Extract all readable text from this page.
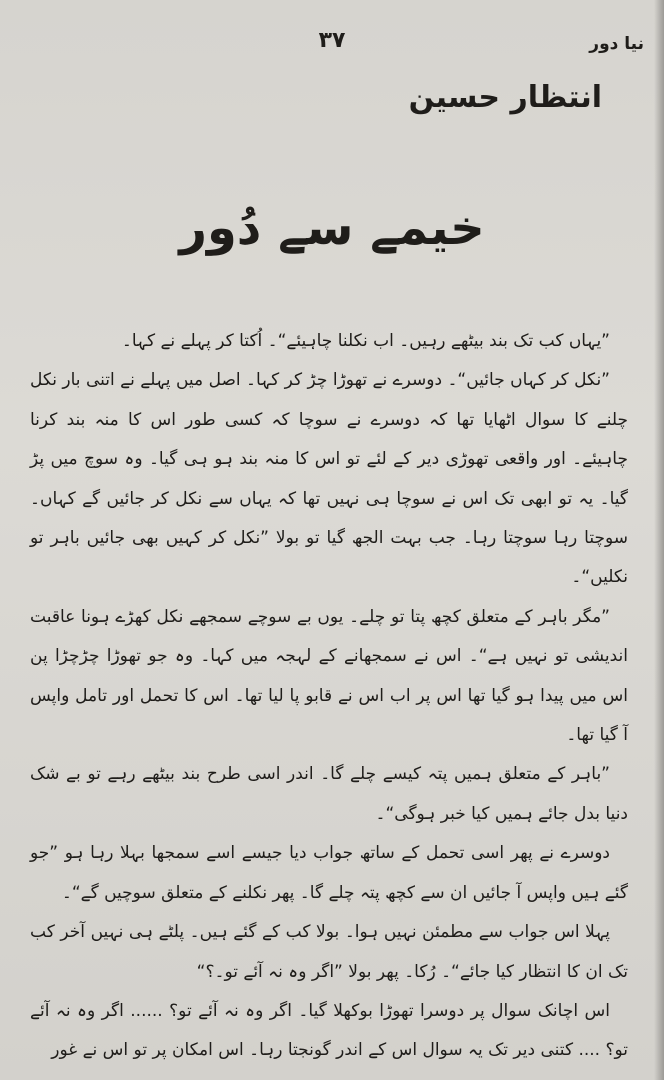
نیا دور
۳۷
انتظار حسین
خیمے سے دُور

”یہاں کب تک بند بیٹھے رہیں۔ اب نکلنا چاہیئے“۔ اُکتا کر پہلے نے کہا۔

”نکل کر کہاں جائیں“۔ دوسرے نے تھوڑا چڑ کر کہا۔ اصل میں پہلے نے اتنی بار نکل چلنے کا سوال اٹھایا تھا کہ دوسرے نے سوچا کہ کسی طور اس کا منہ بند کرنا چاہیئے۔ اور واقعی تھوڑی دیر کے لئے تو اس کا منہ بند ہو ہی گیا۔ وہ سوچ میں پڑ گیا۔ یہ تو ابھی تک اس نے سوچا ہی نہیں تھا کہ یہاں سے نکل کر جائیں گے کہاں۔ سوچتا رہا سوچتا رہا۔ جب بہت الجھ گیا تو بولا ”نکل کر کہیں بھی جائیں باہر تو نکلیں“۔

”مگر باہر کے متعلق کچھ پتا تو چلے۔ یوں بے سوچے سمجھے نکل کھڑے ہونا عاقبت اندیشی تو نہیں ہے“۔ اس نے سمجھانے کے لہجہ میں کہا۔ وہ جو تھوڑا چڑچڑا پن اس میں پیدا ہو گیا تھا اس پر اب اس نے قابو پا لیا تھا۔ اس کا تحمل اور تامل واپس آ گیا تھا۔

”باہر کے متعلق ہمیں پتہ کیسے چلے گا۔ اندر اسی طرح بند بیٹھے رہے تو بے شک دنیا بدل جائے ہمیں کیا خبر ہوگی“۔

دوسرے نے پھر اسی تحمل کے ساتھ جواب دیا جیسے اسے سمجھا بہلا رہا ہو ”جو گئے ہیں واپس آ جائیں ان سے کچھ پتہ چلے گا۔ پھر نکلنے کے متعلق سوچیں گے“۔

پہلا اس جواب سے مطمئن نہیں ہوا۔ بولا کب کے گئے ہیں۔ پلٹے ہی نہیں آخر کب تک ان کا انتظار کیا جائے“۔ رُکا۔ پھر بولا ”اگر وہ نہ آئے تو۔؟“

اس اچانک سوال پر دوسرا تھوڑا بوکھلا گیا۔ اگر وہ نہ آئے تو؟ ...... اگر وہ نہ آئے تو؟ .... کتنی دیر تک یہ سوال اس کے اندر گونجتا رہا۔ اس امکان پر تو اس نے غور
